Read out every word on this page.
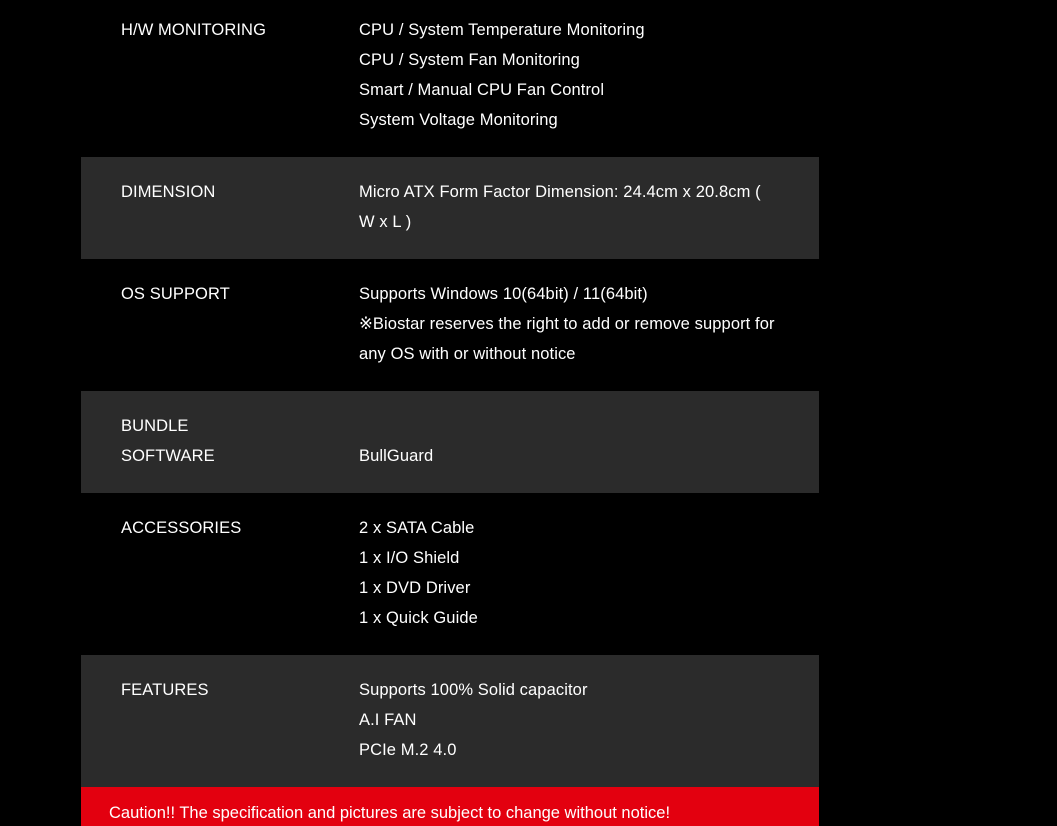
H/W MONITORING	CPU / System Temperature Monitoring
CPU / System Fan Monitoring
Smart / Manual CPU Fan Control
System Voltage Monitoring
DIMENSION	Micro ATX Form Factor Dimension: 24.4cm x 20.8cm ( W x L )
OS SUPPORT	Supports Windows 10(64bit) / 11(64bit)
※Biostar reserves the right to add or remove support for any OS with or without notice
BUNDLE
SOFTWARE	BullGuard
ACCESSORIES	2 x SATA Cable
1 x I/O Shield
1 x DVD Driver
1 x Quick Guide
FEATURES	Supports 100% Solid capacitor
A.I FAN
PCIe M.2 4.0
Caution!! The specification and pictures are subject to change without notice!
